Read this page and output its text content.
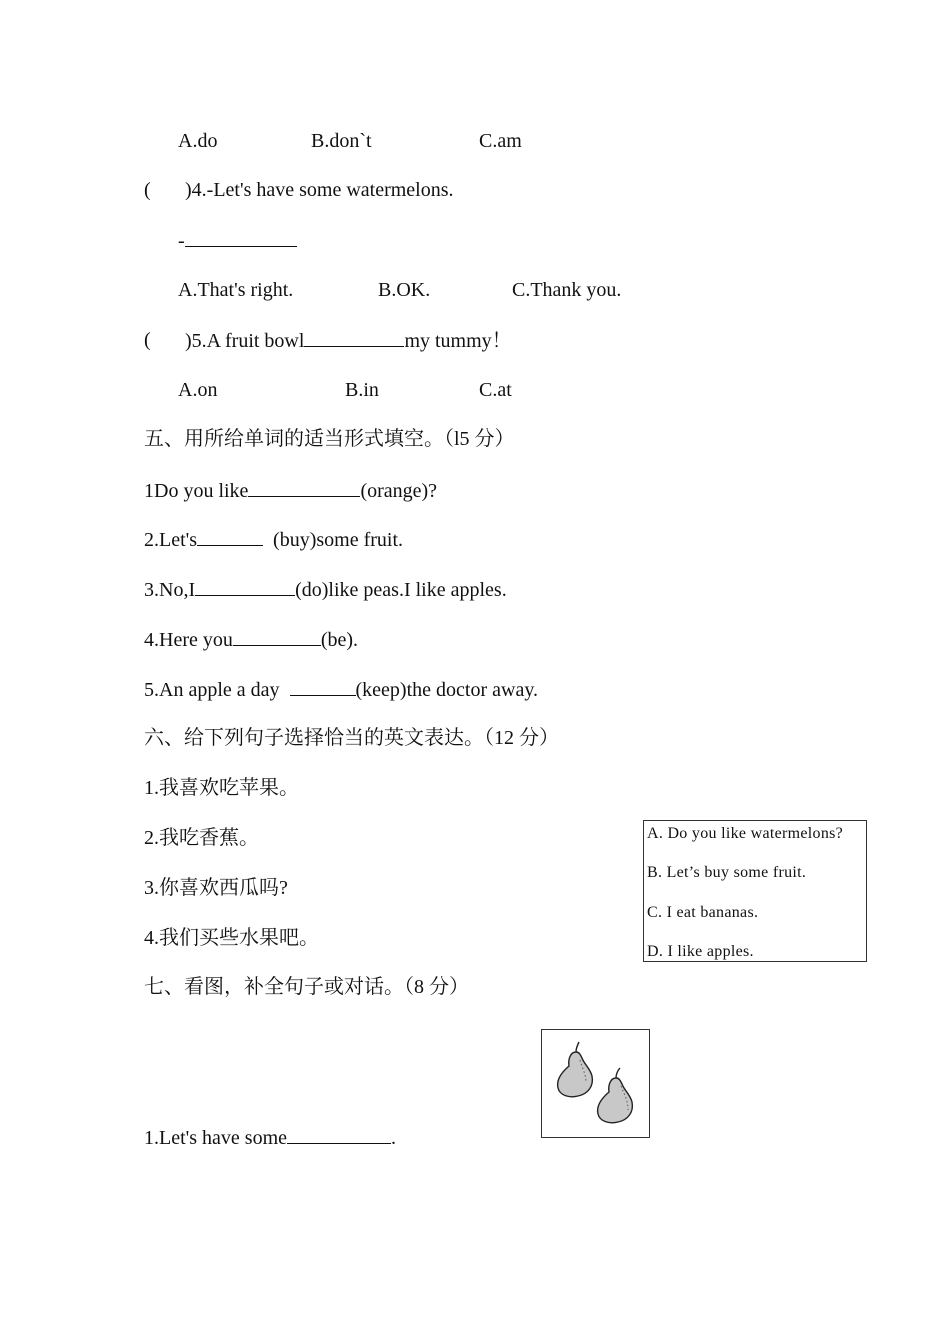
A.do	B.don`t	C.am
( )4.-Let's have some watermelons.
-
A.That's right.	B.OK.	C.Thank you.
( )5.A fruit bowl	my tummy！
A.on	B.in	C.at
五、用所给单词的适当形式填空。（l5 分）
1Do you like	(orange)?
2.Let's	(buy)some fruit.
3.No,I	(do)like peas.I like apples.
4.Here you	(be).
5.An apple a day	(keep)the doctor away.
六、给下列句子选择恰当的英文表达。（12 分）
1.我喜欢吃苹果。
2.我吃香蕉。
3.你喜欢西瓜吗?
4.我们买些水果吧。
A. Do you like watermelons?
B. Let’s buy some fruit.
C. I eat bananas.
D. I like apples.
七、看图，补全句子或对话。（8 分）
1.Let's have some	.
